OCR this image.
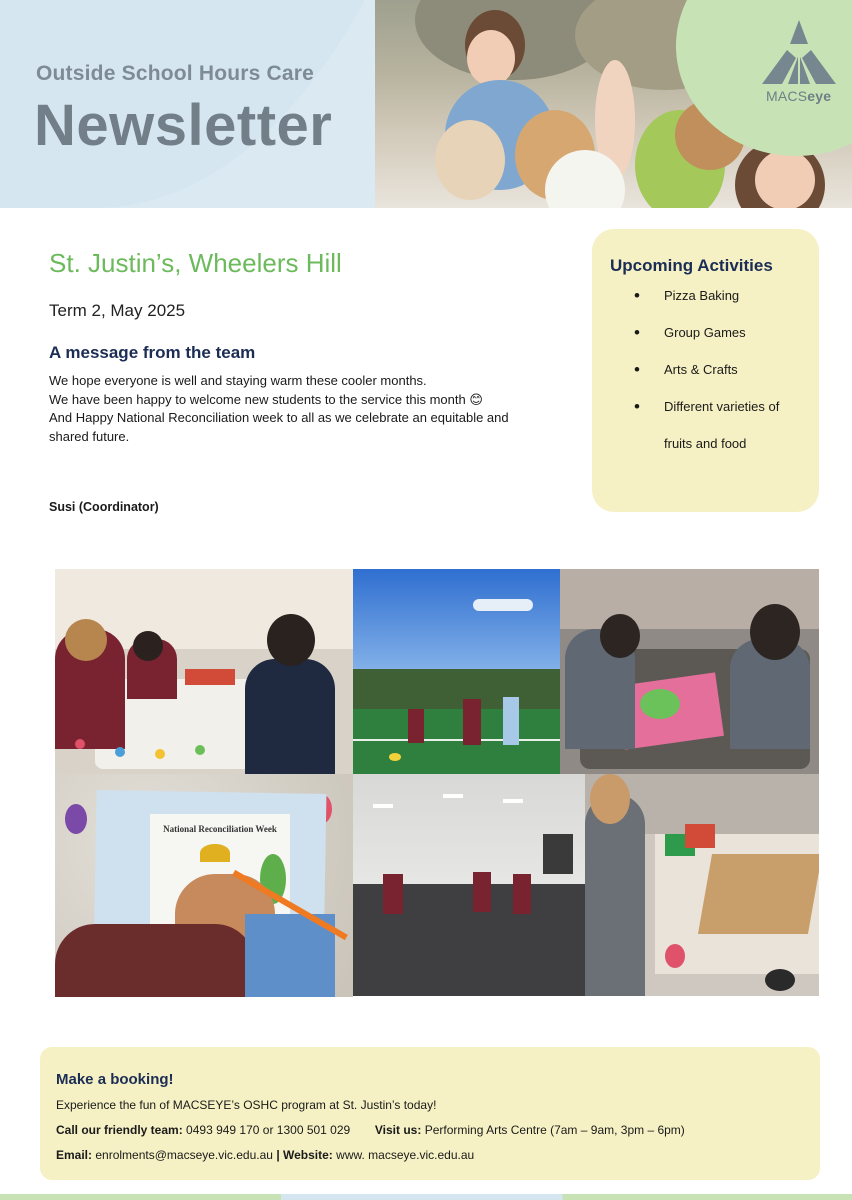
Outside School Hours Care
Newsletter	MACSeye
St. Justin’s, Wheelers Hill
Term 2, May 2025
A message from the team

We hope everyone is well and staying warm these cooler months.

We have been happy to welcome new students to the service this month 😊

And Happy National Reconciliation week to all as we celebrate an equitable and shared future.

Susi (Coordinator)
Upcoming Activities
• Pizza Baking
• Group Games
• Arts & Crafts
• Different varieties of
fruits and food
National Reconciliation Week
Make a booking!
Experience the fun of MACSEYE’s OSHC program at St. Justin’s today!
Call our friendly team: 0493 949 170 or 1300 501 029 Visit us: Performing Arts Centre (7am – 9am, 3pm – 6pm)
Email: enrolments@macseye.vic.edu.au | Website: www. macseye.vic.edu.au
